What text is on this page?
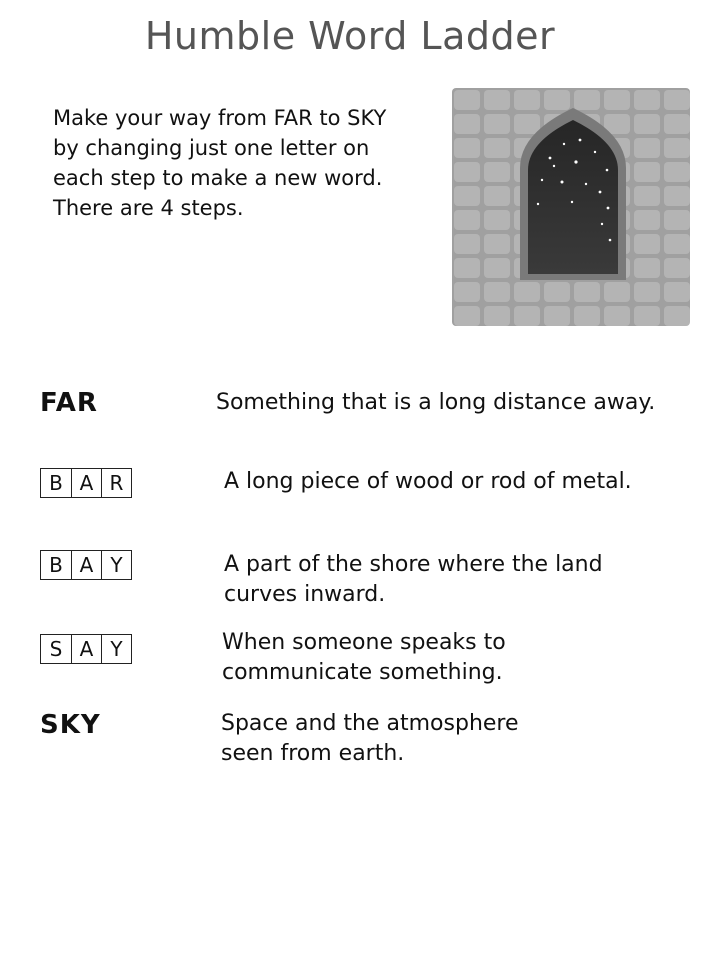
Humble Word Ladder
Make your way from FAR to SKY by changing just one letter on each step to make a new word. There are 4 steps.
FAR	Something that is a long distance away.
B A R	A long piece of wood or rod of metal.
B A Y	A part of the shore where the land curves inward.
S A Y	When someone speaks to communicate something.
SKY	Space and the atmosphere seen from earth.
